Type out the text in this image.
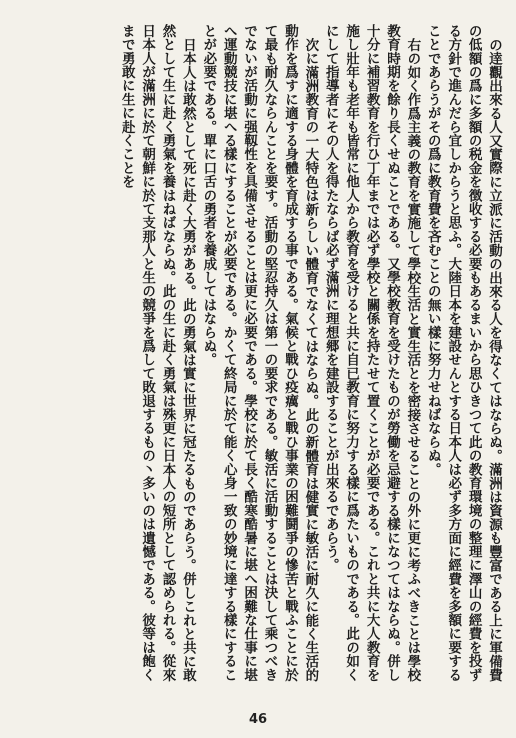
の逹觀出來る人又實際に立派に活動の出來る人を得なくてはならぬ。滿洲は資源も豐富である上に軍備費の低額の爲に多額の税金を徴收する必要もあるまいから思ひきつて此の教育環境の整理に澤山の經費を投ずる方針で進んだら宜しからうと思ふ。大陸日本を建設せんとする日本人は必ず多方面に經費を多額に要することであらうがその爲に教育費を吝むことの無い樣に努力せねばならぬ。

右の如く作爲主義の教育を實施して學校生活と實生活とを密接させることの外に更に考ふべきことは學校教育時期を餘り長くせぬことである。又學校教育を受けたものが勞働を忌避する樣になつてはならぬ。併し十分に補習教育を行ひ丁年までは必ず學校と關係を持たせて置くことが必要である。これと共に大人教育を施し壯年も老年も皆常に他人から教育を受けると共に自已教育に努力する樣に爲たいものである。此の如くにして指導者にその人を得たならば必ず滿洲に理想郷を建設することが出來るであらう。

次に滿洲教育の一大特色は新らしい體育でなくてはならぬ。此の新體育は健實に敏活に耐久に能く生活的動作を爲すに適する身體を育成する事である。氣候と戰ひ疫癘と戰ひ事業の困難鬪爭の慘苦と戰ふことに於て最も耐久ならんことを要す。活動の堅忍持久は第一の要求である。敏活に活動することは決して乘つべきでないが活動に强靱性を具備させることは更に必要である。學校に於て長く酷寒酷暑に堪へ困難な仕事に堪へ運動競技に堪へる樣にすることが必要である。かくて終局に於て能く心身一致の妙境に達する樣にすることが必要である。單に口舌の勇者を養成してはならぬ。

日本人は敢然として死に赴く大勇がある。此の勇氣は實に世界に冠たるものであらう。併しこれと共に敢然として生に赴く勇氣を養はねばならぬ。此の生に赴く勇氣は殊更に日本人の短所として認められる。從來日本人が滿洲に於て朝鮮に於て支那人と生の競爭を爲して敗退するもの丶多いのは遺憾である。彼等は飽くまで勇敢に生に赴くことを

46
